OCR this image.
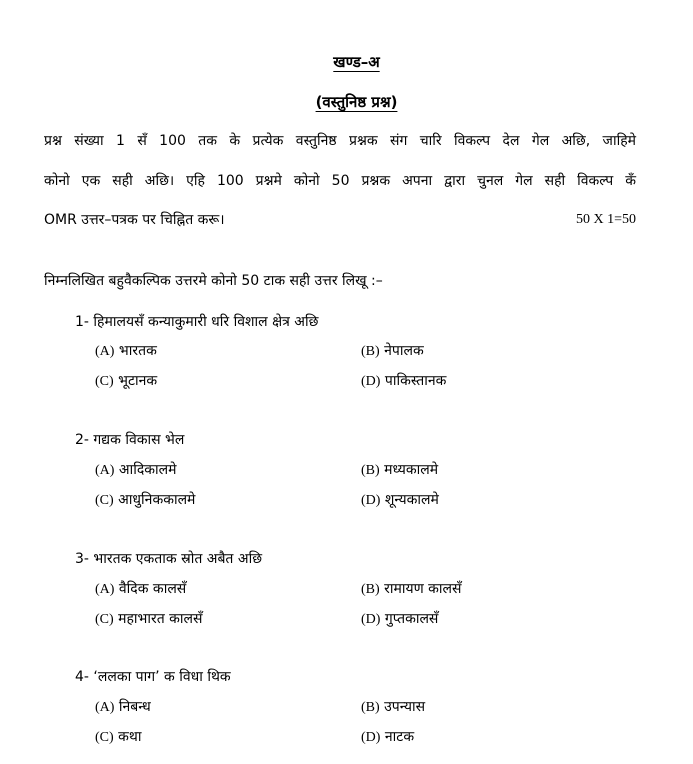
खण्ड–अ
(वस्तुनिष्ठ प्रश्न)
प्रश्न संख्या 1 सँ 100 तक के प्रत्येक वस्तुनिष्ठ प्रश्नक संग चारि विकल्प देल गेल अछि, जाहिमे
कोनो एक सही अछि। एहि 100 प्रश्नमे कोनो 50 प्रश्नक अपना द्वारा चुनल गेल सही विकल्प कँ
OMR उत्तर–पत्रक पर चिह्नित करू।	50 X 1=50
निम्नलिखित बहुवैकल्पिक उत्तरमे कोनो 50 टाक सही उत्तर लिखू :–
1- हिमालयसँ कन्याकुमारी धरि विशाल क्षेत्र अछि
(A) भारतक	(B) नेपालक
(C) भूटानक	(D) पाकिस्तानक
2- गद्यक विकास भेल
(A) आदिकालमे	(B) मध्यकालमे
(C) आधुनिककालमे	(D) शून्यकालमे
3- भारतक एकताक स्रोत अबैत अछि
(A) वैदिक कालसँ	(B) रामायण कालसँ
(C) महाभारत कालसँ	(D) गुप्तकालसँ
4- ‘ललका पाग’ क विधा थिक
(A) निबन्ध	(B) उपन्यास
(C) कथा	(D) नाटक
